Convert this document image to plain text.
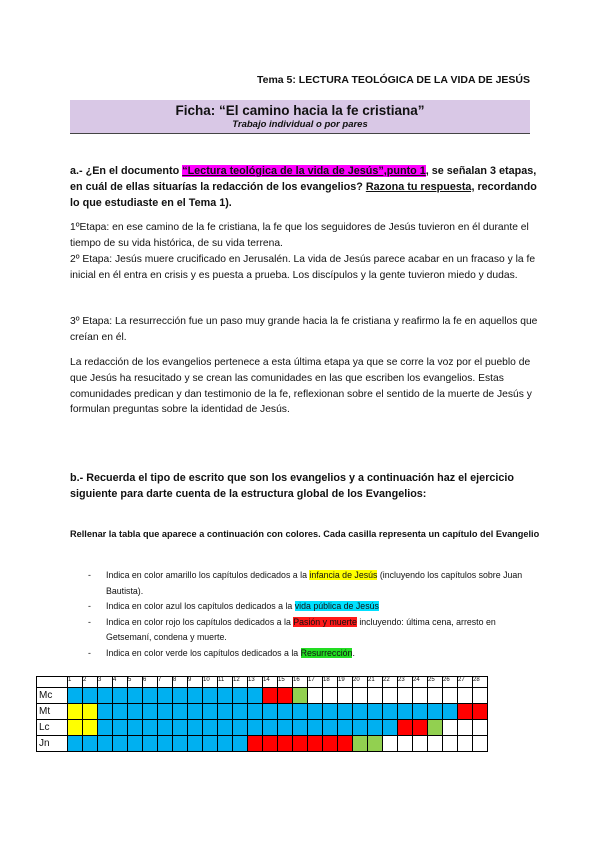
Tema 5: LECTURA TEOLÓGICA DE LA VIDA DE JESÚS
Ficha: “El camino hacia la fe cristiana”
Trabajo individual o por pares
a.- ¿En el documento “Lectura teológica de la vida de Jesús”,punto 1, se señalan 3 etapas, en cuál de ellas situarías la redacción de los evangelios? Razona tu respuesta, recordando lo que estudiaste en el Tema 1).
1ºEtapa: en ese camino de la fe cristiana, la fe que los seguidores de Jesús tuvieron en él durante el tiempo de su vida histórica, de su vida terrena.
2º Etapa: Jesús muere crucificado en Jerusalén. La vida de Jesús parece acabar en un fracaso y la fe inicial en él entra en crisis y es puesta a prueba. Los discípulos y la gente tuvieron miedo y dudas.
3º Etapa: La resurrección fue un paso muy grande hacia la fe cristiana y reafirmo la fe en aquellos que creían en él.
La redacción de los evangelios pertenece a esta última etapa ya que se corre la voz por el pueblo de que Jesús ha resucitado y se crean las comunidades en las que escriben los evangelios. Estas comunidades predican y dan testimonio de la fe, reflexionan sobre el sentido de la muerte de Jesús y formulan preguntas sobre la identidad de Jesús.
b.- Recuerda el tipo de escrito que son los evangelios y a continuación haz el ejercicio siguiente para darte cuenta de la estructura global de los Evangelios:
Rellenar la tabla que aparece a continuación con colores. Cada casilla representa un capítulo del Evangelio
- Indica en color amarillo los capítulos dedicados a la infancia de Jesús (incluyendo los capítulos sobre Juan Bautista).
- Indica en color azul los capítulos dedicados a la vida pública de Jesús
- Indica en color rojo los capítulos dedicados a la Pasión y muerte incluyendo: última cena, arresto en Getsemaní, condena y muerte.
- Indica en color verde los capítulos dedicados a la Resurrección.
	1	2	3	4	5	6	7	8	9	10	11	12	13	14	15	16	17	18	19	20	21	22	23	24	25	26	27	28
Mc																												
Mt																												
Lc																												
Jn																												
